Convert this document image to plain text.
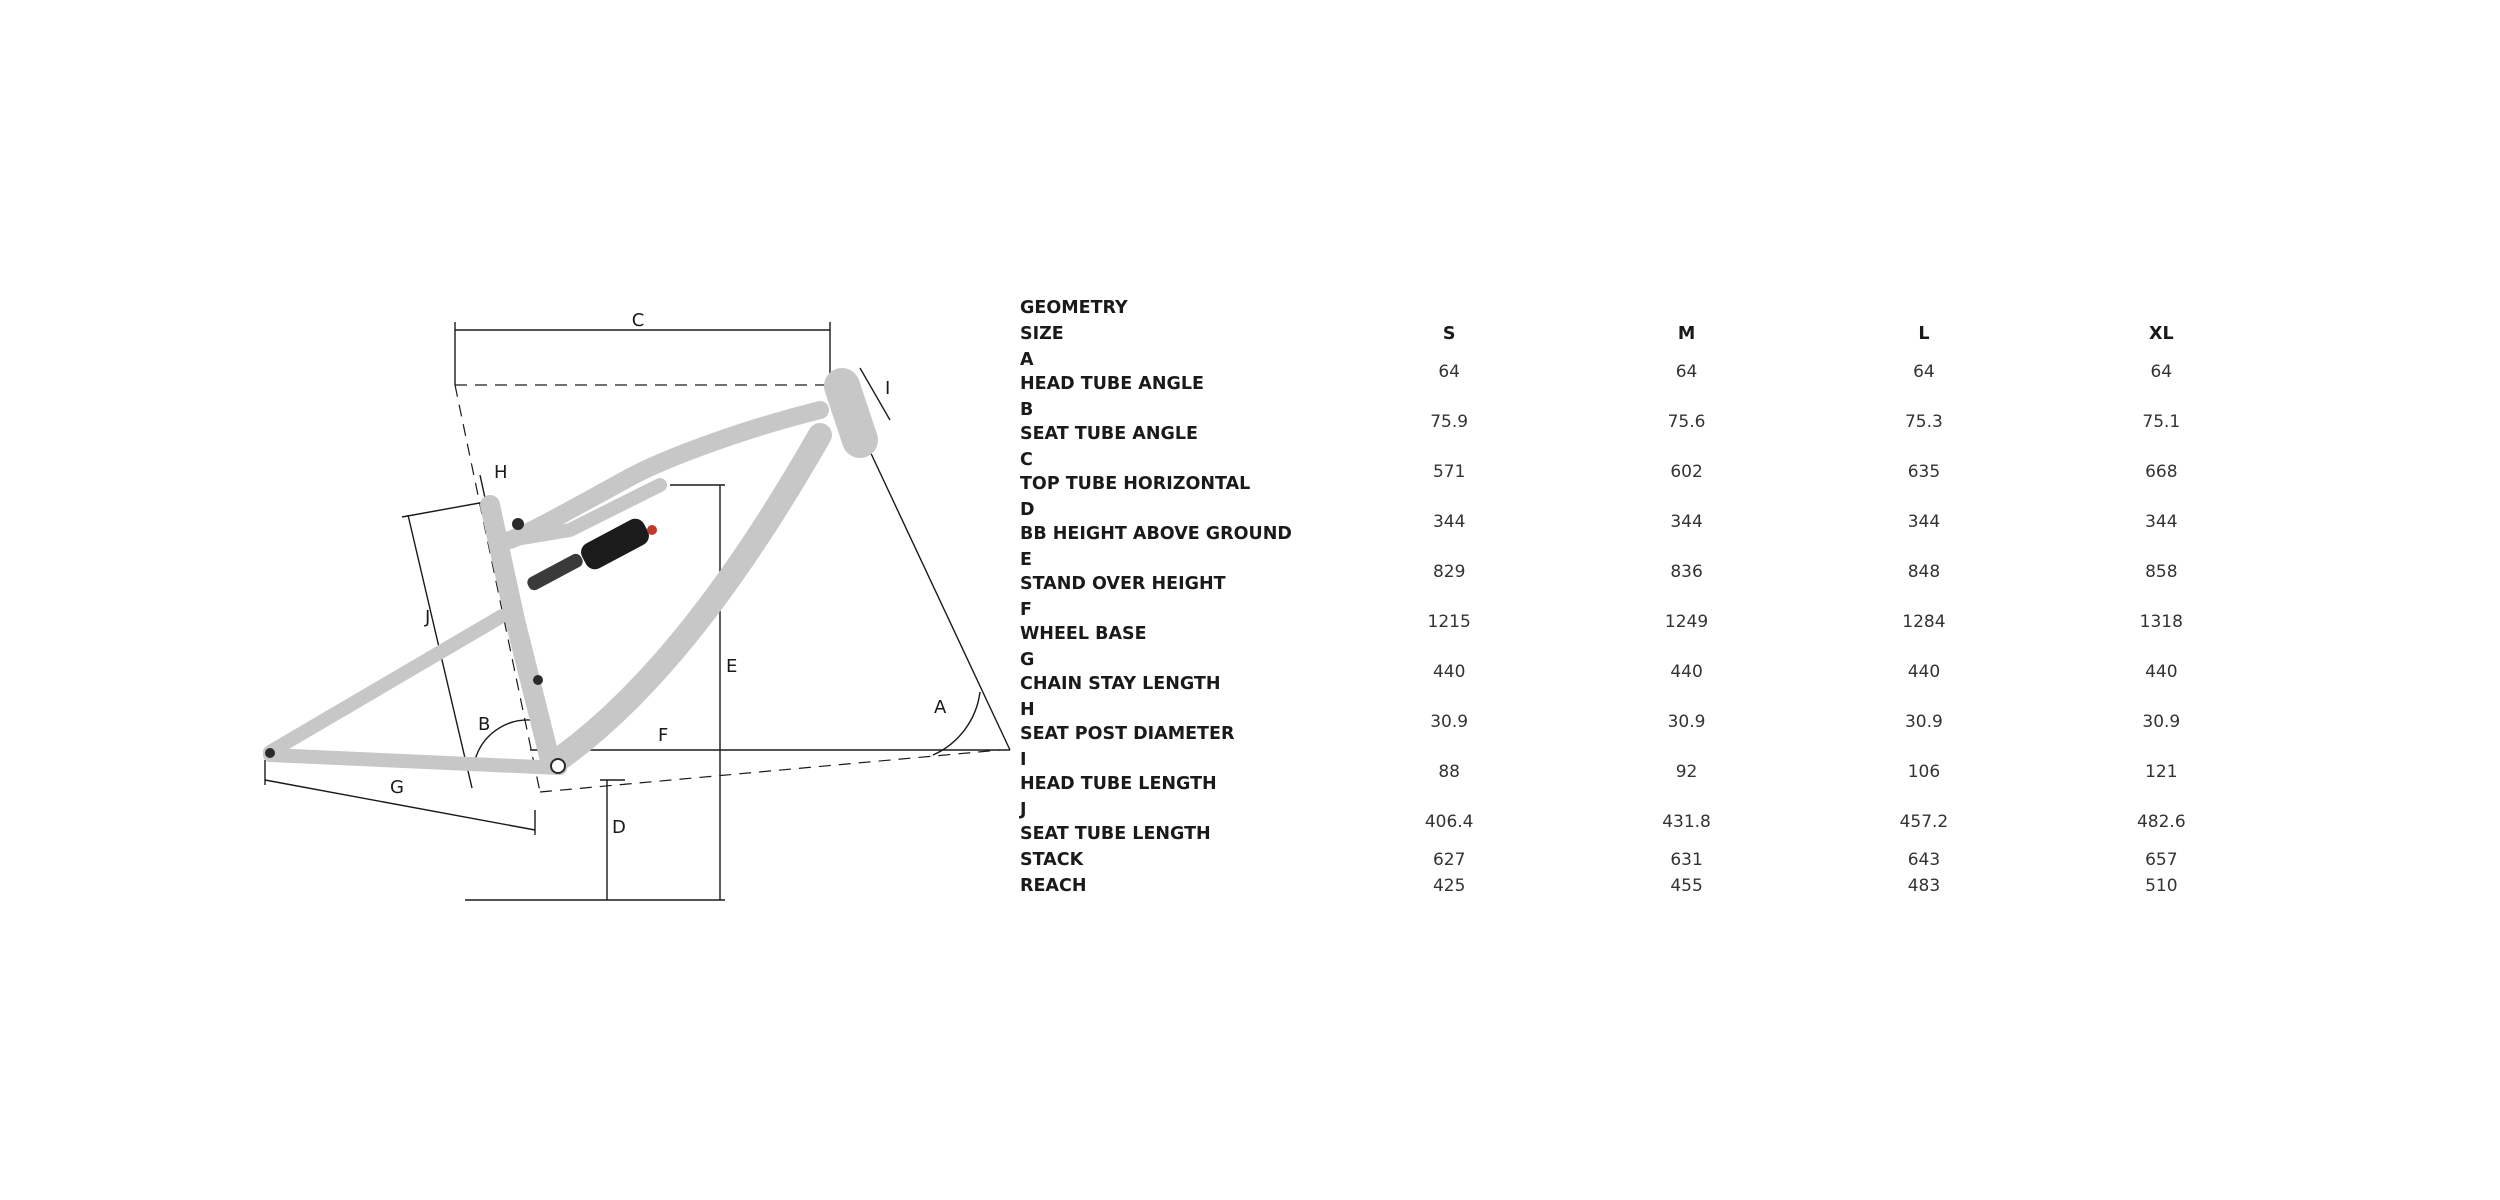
C
I
H
J
E
A
B
F
G
D
GEOMETRY				
SIZE	S	M	L	XL

A
HEAD TUBE ANGLE	64	64	64	64

B
SEAT TUBE ANGLE	75.9	75.6	75.3	75.1

C
TOP TUBE HORIZONTAL	571	602	635	668

D
BB HEIGHT ABOVE GROUND	344	344	344	344

E
STAND OVER HEIGHT	829	836	848	858

F
WHEEL BASE	1215	1249	1284	1318

G
CHAIN STAY LENGTH	440	440	440	440

H
SEAT POST DIAMETER	30.9	30.9	30.9	30.9

I
HEAD TUBE LENGTH	88	92	106	121

J
SEAT TUBE LENGTH	406.4	431.8	457.2	482.6
STACK	627	631	643	657
REACH	425	455	483	510
